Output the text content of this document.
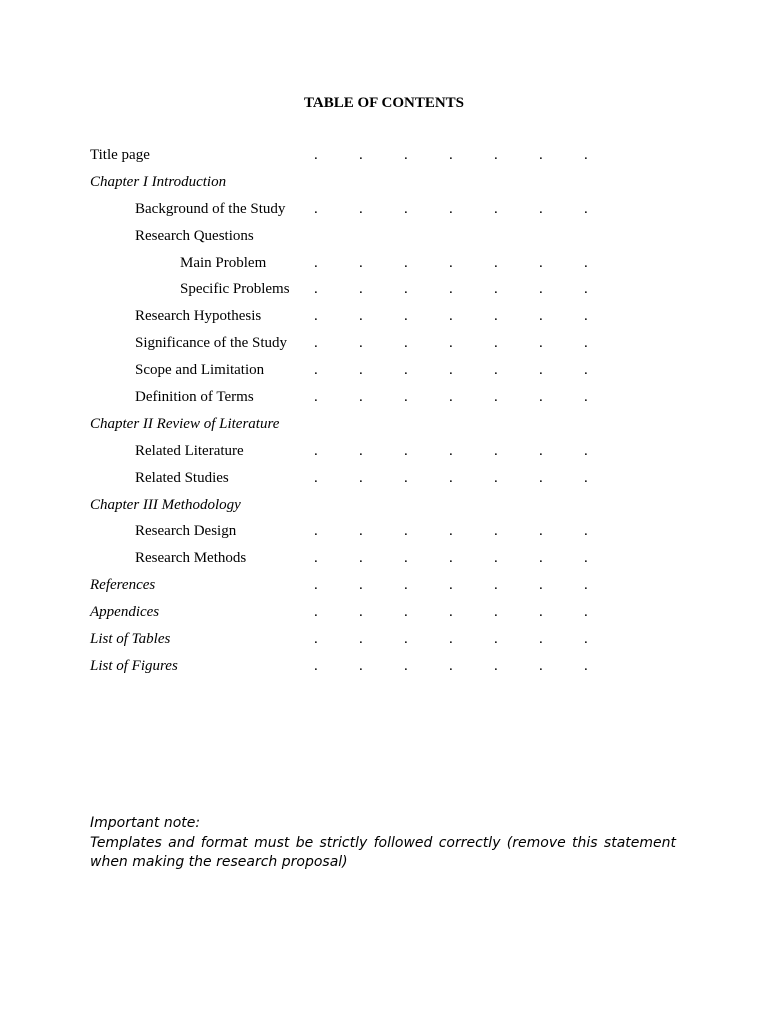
TABLE OF CONTENTS
Title page	.	.	.	.	.	.	.
Chapter I Introduction
Background of the Study .	.	.	.	.	.	.
Research Questions
Main Problem	.	.	.	.	.	.	.
Specific Problems .	.	.	.	.	.	.
Research Hypothesis	.	.	.	.	.	.	.
Significance of the Study .	.	.	.	.	.	.
Scope and Limitation	.	.	.	.	.	.	.
Definition of Terms	.	.	.	.	.	.	.
Chapter II Review of Literature
Related Literature	.	.	.	.	.	.	.
Related Studies	.	.	.	.	.	.	.
Chapter III Methodology
Research Design	.	.	.	.	.	.	.
Research Methods	.	.	.	.	.	.	.
References	.	.	.	.	.	.	.
Appendices	.	.	.	.	.	.	.
List of Tables	.	.	.	.	.	.	.
List of Figures	.	.	.	.	.	.	.

Important note:

Templates and format must be strictly followed correctly (remove this statement when making the research proposal)
